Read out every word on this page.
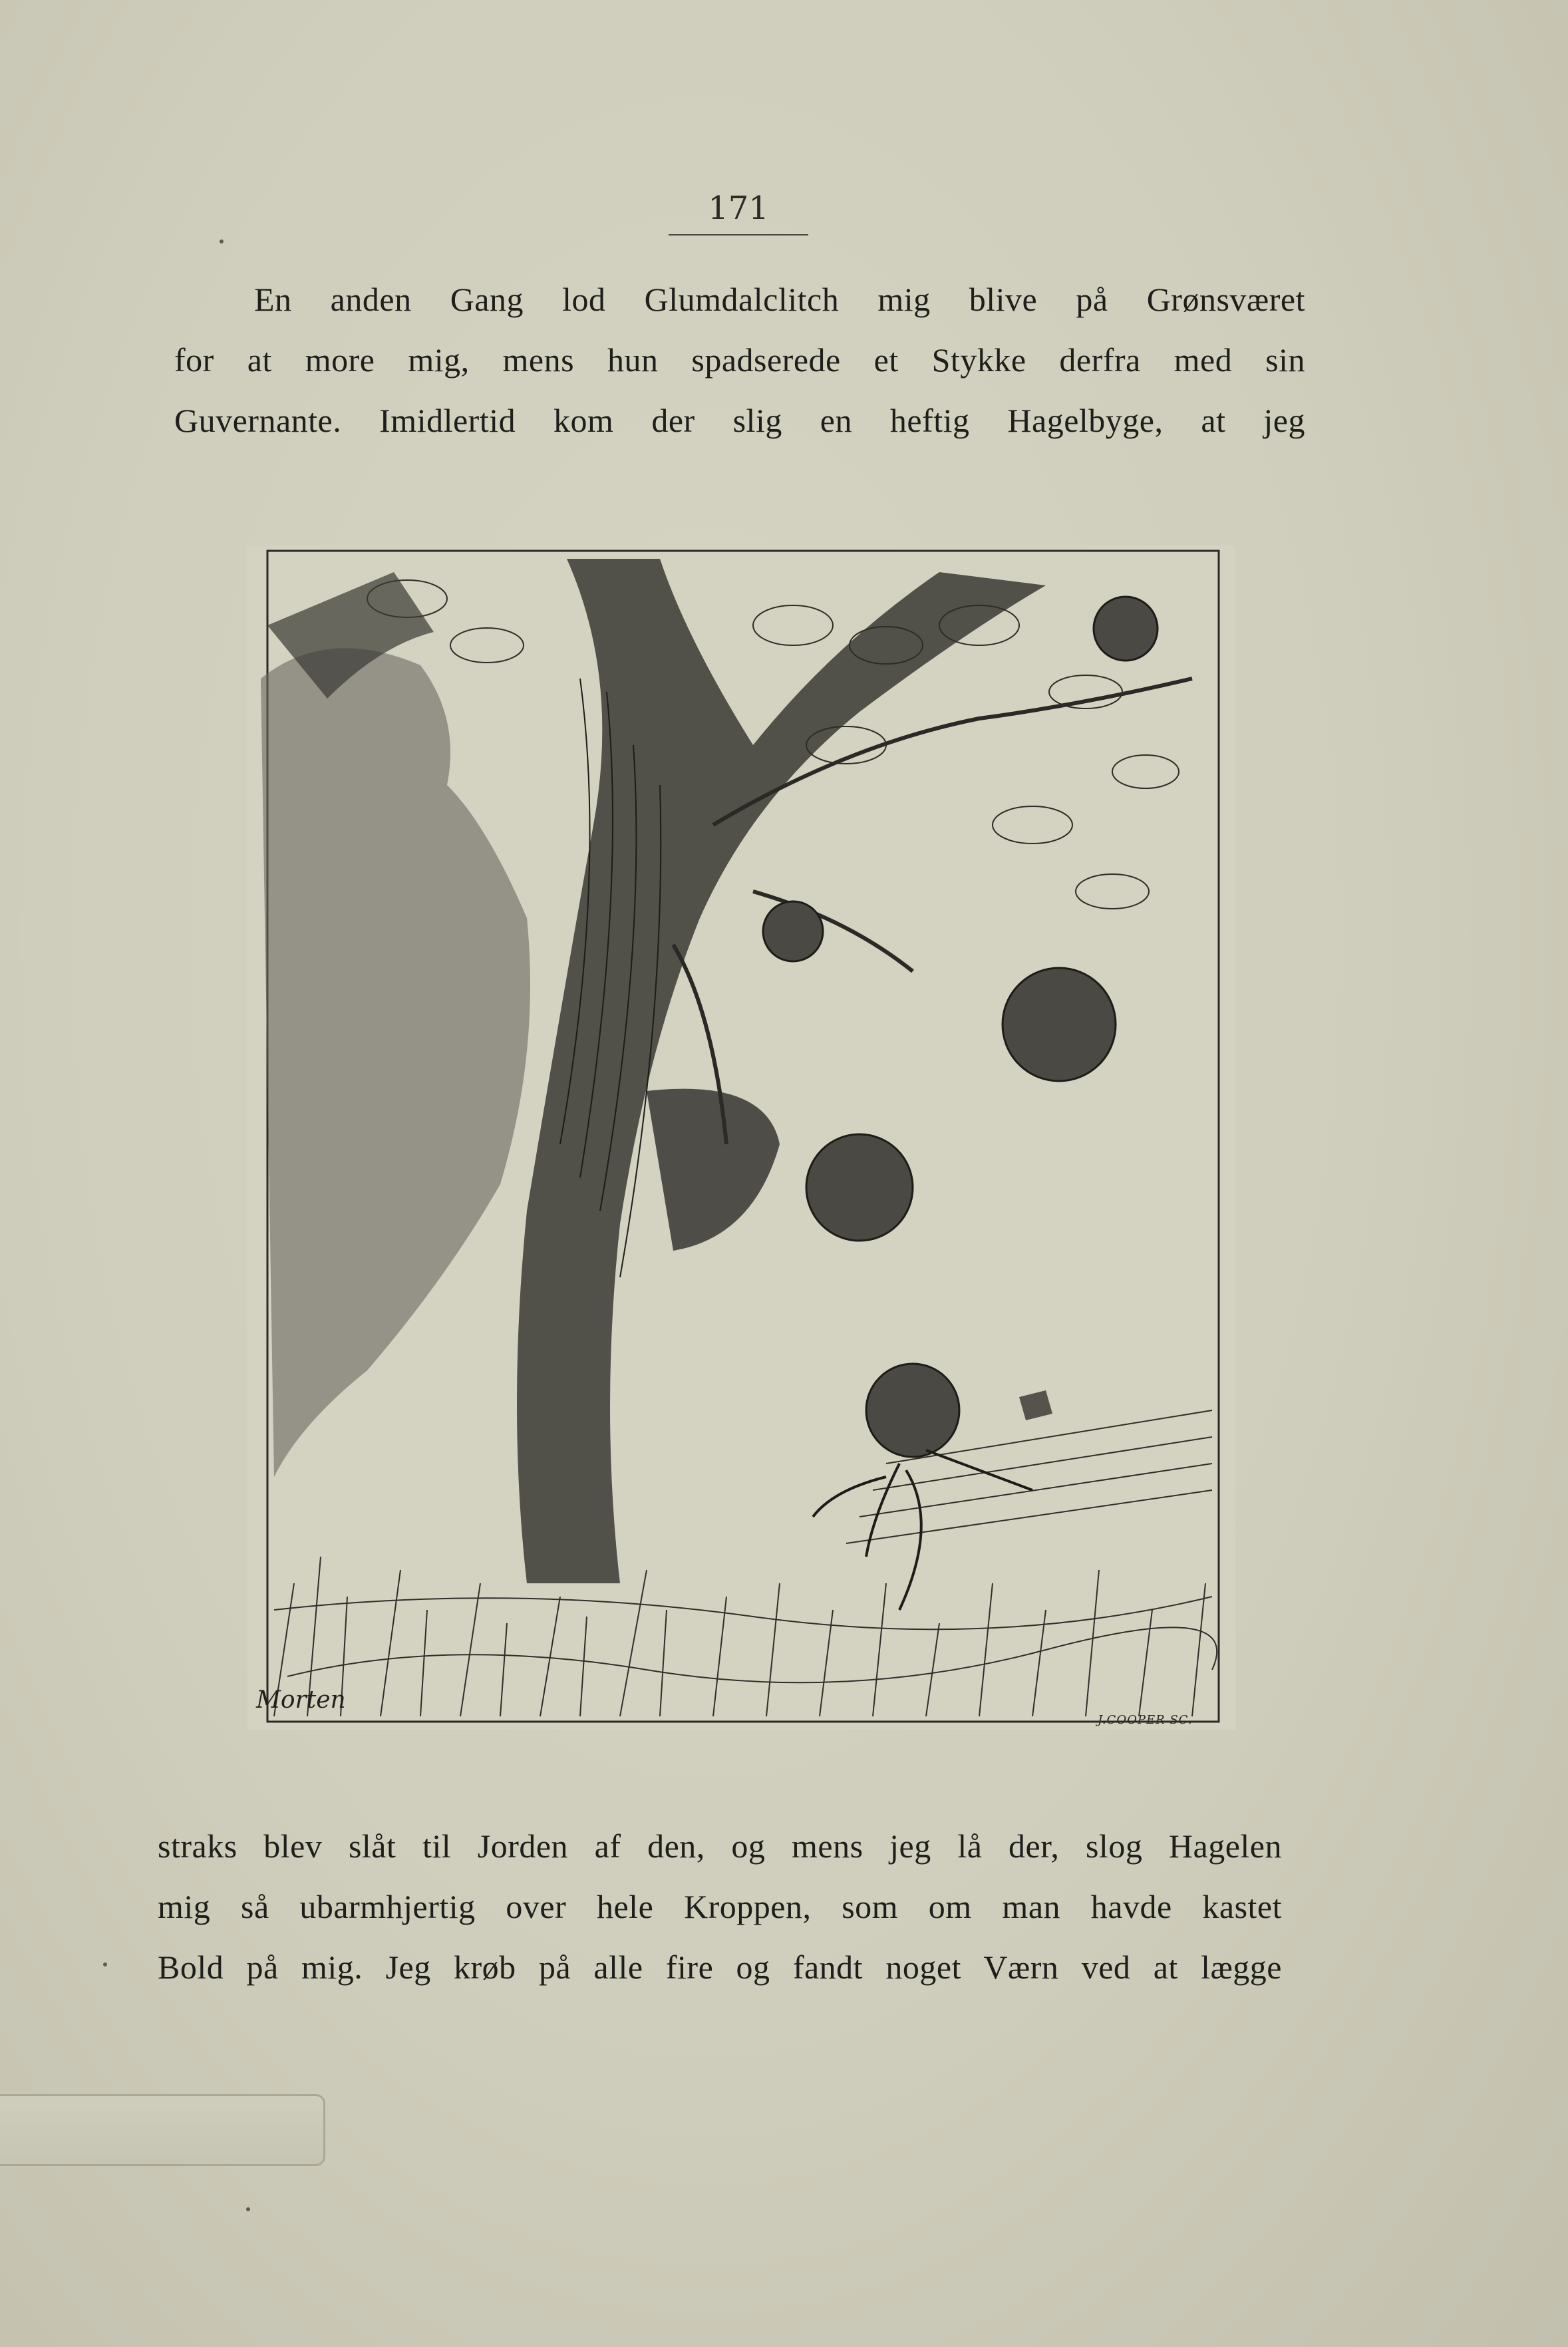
171
En anden Gang lod Glumdalclitch mig blive på Grønsværet
for at more mig, mens hun spadserede et Stykke derfra med sin
Guvernante. Imidlertid kom der slig en heftig Hagelbyge, at jeg
Morten
J.COOPER SC.
straks blev slåt til Jorden af den, og mens jeg lå der, slog Hagelen
mig så ubarmhjertig over hele Kroppen, som om man havde kastet
Bold på mig. Jeg krøb på alle fire og fandt noget Værn ved at lægge
